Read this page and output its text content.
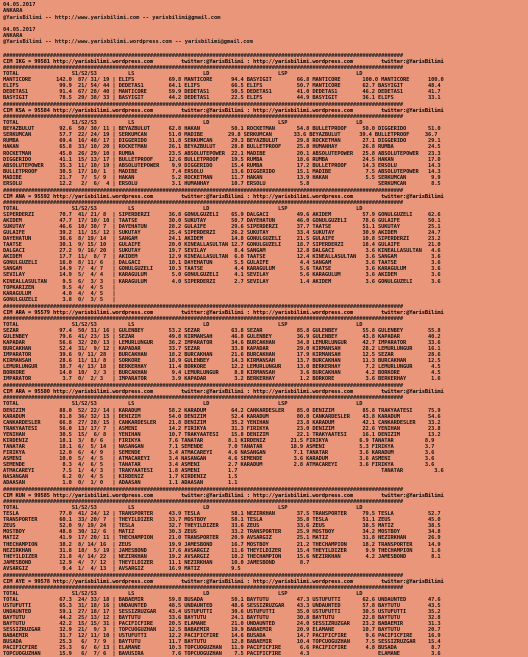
04.05.2017
ANKARA
@YarisBilimi -- http://www.yarisbilimi.com -- yarisbilimi@gmail.com
04.05.2017
ANKARA
@YarisBilimi -- http://www.yarisbilimi.wordpress.com -- yarisbilimi@gmail.com
################################################################################################################################
CIM IKG = 99581 http://yarisbilimi.wordpress.com         twitter:@YarisBilimi : http://yarisbilimi.wordpress.com         twitter:@YarisBilimi
################################################################################################################################
TOTAL                 S1/S2/S3          LS                      LD                      LSP                      LD
MANTICORE        142.0  87/ 31/ 19 | ELIFS           69.8 MANTICORE      94.4 BASYIGIT        66.8 MANTICORE       100.0 MANTICORE      100.0
ELIFS             99.9  21/ 54/ 44 | DEDETAS1        64.1 ELIFS          66.5 ELIFS           50.7 MANTICORE       62.7 BASYIGIT        48.4
DEDETAS1          91.4  67/ 28/ 40 | MANTICORE       59.9 DEDETAS1       50.5 DEDETAS1        41.0 DEDETAS1        46.2 DEDETAS1        41.7
BASYIGIT          78.5  29/ 38/ 33 | BASYIGIT        44.2 DEDETAS1       22.5 ELIFS           44.9 BASYIGIT        36.1 ELIFS           33.1
################################################################################################################################
CIM KSA = 95584 http://yarisbilimi.wordpress.com         twitter:@YarisBilimi : http://yarisbilimi.wordpress.com         twitter:@YarisBilimi
################################################################################################################################
TOTAL                 S1/S2/S3          LS                      LD                      LSP                      LD
BEYAZBULUT        92.6  50/ 30/ 11 | BEYAZBULUT      62.8 HAKAN          50.1 ROCKETMAN       54.8 BULLETPROOF     50.0 DIGGERIDO       51.0
SERKUMCAN         57.7  22/ 24/ 19 | SERKUMCAN       51.0 MADIBE        29.8 SERKUMCAN       33.6 BEYAZBULUT      39.4 BULLETPROOF     36.7
RUMBA             69.4  16/ 48/ 17 | DIGGERIDO       31.8 SERKUMCAN      29.3 BEYAZBULUT      29.8 ROCKETMAN       27.1 DIGGERIDO       29.1
HAKAN             65.8  33/ 10/ 20 | ROCKETMAN       26.1 BEYAZBULUT     28.8 BULLETPROOF     25.8 HUMANHAY        26.8 RUMBA           24.5
ROCKETMAN         45.0  26/ 29/ 10 | RUMBA           23.5 ABSOLUTEPOWER  22.1 MADIBE          20.1 ABSOLUTEPOWER   25.8 ABSOLUTEPOWER   23.3
DIGGERIDO         41.1  15/ 13/ 17 | BULLETPROOF     12.6 BULLETPROOF    19.5 RUMBA           18.6 RUMBA           24.5 HAKAN           17.0
ABSOLUTEPOWER     35.3  11/ 10/ 19 | ABSOLUTEPOWER    9.9 DIGGERIDO      15.4 RUMBA           17.2 BULLETPROOF     14.3 ERSOLU          14.3
BULLETPROOF       30.5  17/ 10/ 1  | MADIBE           7.4 ERSOLU         13.6 DIGGERIDO       15.1 MADIBE           7.5 ABSOLUTEPOWER   14.3
MADIBE            21.7   7/  5/ 9  | HAKAN            5.2 ROCKETMAN      11.7 HAKAN           13.9 HAKAN            5.5 SERKUMCAN        9.9
ERSOLU            12.2   2/  6/  4 | ERSOLU           3.1 HUMANHAY       10.7 ERSOLU           5.8                      SERKUMCAN        8.5
################################################################################################################################
CIM ANA = 95592 http://yarisbilimi.wordpress.com         twitter:@YarisBilimi : http://yarisbilimi.wordpress.com         twitter:@YarisBilimi
################################################################################################################################
TOTAL                 S1/S2/S3          LS                      LD                      LSP                      LD
SIPERDERZI        70.7  41/ 21/ 8  | SIPERDERZI      36.8 GONULGUZELI    65.9 DALGACI         49.6 AKIDEM          57.9 GONULGUZELI     62.6
AKIDEM            47.7  17/ 10/ 10 | TAATSE          30.0 SUKUTAY        50.7 DAYEHATUN       46.0 GONULGUZELI     78.6 GULAIFE         50.1
SUKUTAY           46.6  10/ 30/ 7  | DAYEHATUN       28.2 GULAIFE        29.6 SIPERDERZI      37.7 TAATSE          51.1 SUKUTAY         25.1
GULAIFE           39.2  11/ 15/ 12 | SUKUTAY         25.4 SIPERDERZI     26.2 SUKUTAY         33.4 SUKUTAY         30.9 AKIDEM          24.7
DAYEHATUN         36.6  8/ 19/ 14  | SANGAM          24.1 AKIDEM         14.8 GONULGUZELI     21.5 GULAIFE         10.8 SIPERDERZI      23.2
TAATSE            30.1  9/ 15/ 10  | GULAIFE         20.0 KINEALLASULTAN 12.7 GONULGUZELI     18.7 SIPERDERZI      18.4 GULAIFE         21.0
DALGACI           27.2  9/ 16/ 20  | SUKUTAY         19.7 SEVILAY         8.4 SANGAM          12.8 DALGACI          3.6 KINEALLASULTAN   4.6
AKIDEM            17.7  11/  8/ 7  | AKIDEM          12.9 KINEALLASULTAN  6.0 TAATSE          12.4 KINEALLASULTAN   3.6 SANGAM           3.6
GONULGUZELI       16.0  8/ 11/ 6   | DALGACI         10.1 DAYEHATUN       5.5 GULAIFE          4.4 SANGAM           3.6 TAATSE           3.6
SANGAM            14.9  7/  4/ 7   | GONULGUZELI     10.3 TAATSE          4.4 KARAGULUM        5.6 TAATSE           3.6 KARAGULUM        3.6
SEVILAY           14.9  5/  4/ 4   | KARAGULUM        5.0 GONULGUZELI     4.1 SEVILAY          5.6 KARAGULUM        3.6 AKIDEM           3.6
KINEALLASULTAN     9.5  6/  3/ 3   | KARAGULUM        4.0 SIPERDERZI      2.7 SEVILAY          1.4 AKIDEM           3.6 GONULGUZELI      3.6
TOPKARIZEN         9.5  4/  4/ 5   |
KARAGULUM          4.0  4/  4/ 5   |
GONULGUZELI        3.8  0/  3/ 5   |
################################################################################################################################
CIM ARA = 95579 http://yarisbilimi.wordpress.com         twitter:@YarisBilimi : http://yarisbilimi.wordpress.com         twitter:@YarisBilimi
################################################################################################################################
TOTAL                 S1/S2/S3          LS                      LD                      LSP                      LD
SEZAR             97.4  50/ 31/ 16 | GULENBEY        53.2 SEZAR          63.8 SEZAR           85.8 GULENBEY        55.8 GULENBEY        55.8
GULENBEY          79.6  41/ 23/ 15 | SEZAR           49.8 KIRMANSAH      46.8 GULENBEY        36.9 GULENBEY        43.8 KAPADAR         40.2
KAPADAR           56.6  32/ 20/ 13 | LEMURLUNGUR     36.2 IMPARATOR      34.6 BURCAKHAN       34.8 LEMURLUNGUR     42.7 IMPARATOR       33.6
BURCAKHAN         52.4  31/  9/ 12 | KAPADAR         33.7 SEZAR          33.8 KAPADAR         29.0 KIRMANSAH       28.2 LEMURLUNGUR     16.1
IMPARATOR         39.6  9/ 11/ 28  | BURCAKHAN       18.2 BURCAKHAN      21.6 BURCAKHAN       17.9 KIRMANSAH       12.5 SEZAR           28.6
KIRMANSAH         28.6  11/ 11/ 8  | SORKORE         18.9 GULENBEY       14.3 KIRMANSAH       13.7 BURCAKHAN       11.3 BURCAKHAN       12.5
LEMURLUNGUR       38.7  4/ 13/ 18  | BERKERHAY       11.4 BORKORE        12.2 LEMURLUNGUR     13.0 BERKERHAY        7.2 LEMURLUNGUR      4.5
BORKORE           14.0  10/  2/ 3  | BURCAKHAN        9.4 LEMURLUNGUR     8.8 KIRMANSAH        3.6 BURCAKHAN        4.2 BORKORE          4.5
IMPARATOR          3.7  0/  2/ 3   | IMPARATOR        3.9 KAPADAR         3.2 BERKERHAY        1.2 BORKORE          3.6 BERKERHAY        1.6
################################################################################################################################
CIM ARA = 95580 http://yarisbilimi.wordpress.com         twitter:@YarisBilimi : http://yarisbilimi.wordpress.com         twitter:@YarisBilimi
################################################################################################################################
TOTAL                 S1/S2/S3          LS                      LD                      LSP                      LD
DENIZIM           88.0  52/ 22/ 14 | KARADUM         58.2 KARADUM        64.2 CANKARDESLER    85.0 DENIZIM         85.8 TRAKYAATESI     75.9
KARADUM           81.8  36/ 32/ 13 | DENIZIM         54.0 DENIZIM        52.4 KARADUM         80.0 CANKARDESLER    43.8 KARADUM         54.6
CANKARDESLER      66.8  27/ 28/ 15 | CANKARDESLER    21.8 DENIZIM        35.2 YENIHAN         23.8 KARADUM         42.1 CANKARDESLER    33.2
TRAKYAATESI       56.0  13/ 17/ 7  | ASMENI          14.2 FIRIKYA        31.3 FIRIKYA         23.0 DENIZIM         22.6 YENIHAN         23.8
YENIHAN           30.5  15/  6/ 8  | YENIHAN         10.7 TRAKYAATESI    15.8 DENIZIM         22.1 TRAKYAATESI     16.1 DENIZIM         13.2
KIRDENIZ          18.1  3/  8/ 6   | FIRIKYA         7.6 TANATAR        8.1 KIRDENIZ        21.5 FIRIKYA          6.9 TANATAR          8.9
TANATAR           18.1  6/  5/ 14  | NASANGAN        7.1 SEMENDE        7.0 TANATAR         18.9 ASMENI           5.3 FIRIKYA          3.7
FIRIKYA           12.0  6/  4/ 9   | SEMENDE         3.4 ATMACAREYI     4.6 NASANGAN         7.1 TANATAR          3.6 KARADUM          3.6
ASMENI            10.0  5/  4/ 5   | ATMACAREYI      3.4 NASANGAN       4.6 SEMENDE          3.6 KARADUM          3.6 ASMENI           3.6
SEMENDE            8.3  4/  6/ 5   | TANATAR         3.4 ASMENI         2.7 KARADUM          2.8 ATMACAREYI       3.6 FIRIKYA          3.6
ATMACAREYI         7.5  1/  4/ 3   | TRAKYAATESI     1.8 ASMENI         1.7                                              TANATAR          3.6
NASANGAN           6.2  0/  4/ 5   | KIRDENIZ        1.7 KIRDENIZ       1.5
ADAASAN            1.0  0/  1/ 0   | ADAASAN         1.1 ADAASAN        1.1
################################################################################################################################
CIM KUN = 99585 http://yarisbilimi.wordpress.com         twitter:@YarisBilimi : http://yarisbilimi.wordpress.com         twitter:@YarisBilimi
################################################################################################################################
TOTAL                 S1/S2/S3          LS                      LD                      LSP                      LD
TESLA             77.0  41/ 24/ 12 | TRANSPORTER     43.9 TESLA          58.1 NEZIRKHAN       37.5 TRANSPORTER     79.5 TESLA           52.7
TRANSPORTER       60.1  33/ 20/ 7  | THEYILDIZER     33.7 MOSTBOY        58.1 TESLA           35.8 TESLA           51.1 ZEUS            45.0
ZEUS              52.0  9/ 19/ 24  | TESLA           32.7 THEYILDIZER    33.6 ZEUS            33.6 ZEUS            38.5 MATIZ           38.5
MOSTBOY           48.8  30/ 12/ 6  | MATIZ           30.3 ZEUS           33.2 TRANSPORTER     25.9 MOSTBOY         34.2 MOSTBOY         34.8
MATIZ             41.9  17/ 20/ 11 | THECHAMPION     21.0 TRANSPORTER    20.9 AVSARGIZ        25.1 MATIZ           31.8 NEZIRKHAN       26.9
THECHAMPION       38.2  8/ 14/ 16  | ZEUS            19.9 JAMESBOND      16.7 MOSTBOY         21.2 THECHAMPION     18.2 TRANSPORTER     14.9
NEZIRKHAN         31.8  18/  5/ 19 | JAMESBOND       17.6 AVSARGIZ       11.6 THEYILDIZER     15.4 THEYILDIZER      9.9 THECHAMPION      1.6
THEYILDIZER       21.8  4/ 14/ 22  | NEZIRKHAN       19.2 AVSARGIZ       10.2 THECHAMPION     15.6 NEZIRKHAN        4.2 JAMESBOND        8.1
JAMESBOND         12.9  4/  7/ 12  | THEYILDIZER     11.1 NEZIRKHAN      10.0 JAMESBOND        8.7
AVSARGIZ           9.4  1/  4/ 13  | AVSARGIZ        16.9 MATIZ          9.5
################################################################################################################################
CIM AYE = 99578 http://yarisbilimi.wordpress.com         twitter:@YarisBilimi : http://yarisbilimi.wordpress.com         twitter:@YarisBilimi
################################################################################################################################
TOTAL                 S1/S2/S3          LS                      LD                      LSP                      LD
TOTAL             67.3  24/ 33/ 18 | BABAEMIR        59.8 BUSADA         50.1 BAYTUTU         47.3 USTUFUTTI       62.6 UNDAUNTED       47.6
USTUFUTTI         65.3  31/ 18/ 16 | UNDAUNTED       48.5 UNDAUNTED      48.6 SESSIZRUZGAR    43.3 UNDAUNTED       57.8 BAYTUTU         43.5
UNDAUNTED         59.1  27/ 18/ 17 | SESSIZRUZGAR    43.4 USTUFUTTI      30.6 USTUFUTTI       35.0 USTUFUTTI       30.5 USTUFUTTI       35.2
BAYTUTU           44.2  25/ 13/ 12 | BAYTUTU         33.6 BAYTUTU        24.1 BAYTUTU         30.8 BAYTUTU         22.8 BAYTUTU         32.8
BAYTUTU           42.2  15/ 15/ 31 | PACIFICFIRE     20.5 ELAMANE        21.0 UNDAUNTED       24.0 SESSIZRUZGAR    23.2 BABAEMIR        31.3
SESSIZRUZGAR      32.9  21/  9/ 3  | TOPCUOGUZHAN    12.5 BABAEMIR       19.9 BABAEMIR        20.9 ELAMANE         10.7 BAYTUTU         20.7
BABAEMIR          31.7  12/ 11/ 10 | USTUFUTTI       12.2 PACIFICFIRE    14.6 BUSADA          14.7 PACIFICFIRE      9.6 PACIFICFIRE     16.9
BUSADA            25.3   6/  7/ 9  | BAYTUTU         11.7 BAYTUTU        12.8 BABAEMIR        10.4 TOPCUOGUZHAN     7.5 SESSIZRUZGAR    15.4
PACIFICFIRE       25.3   6/  6/ 13 | ELAMANE         10.3 TOPCUOGUZHAN   11.9 PACIFICFIRE      6.6 PACIFICFIRE      4.8 BUSADA           8.7
TOPCUOGUZHAN      15.9   6/  7/ 6  | BAVUSIRA         7.6 TOPCUOGUZHAN    7.5 PACIFICFIRE      4.3                      ELAMANE          3.6
